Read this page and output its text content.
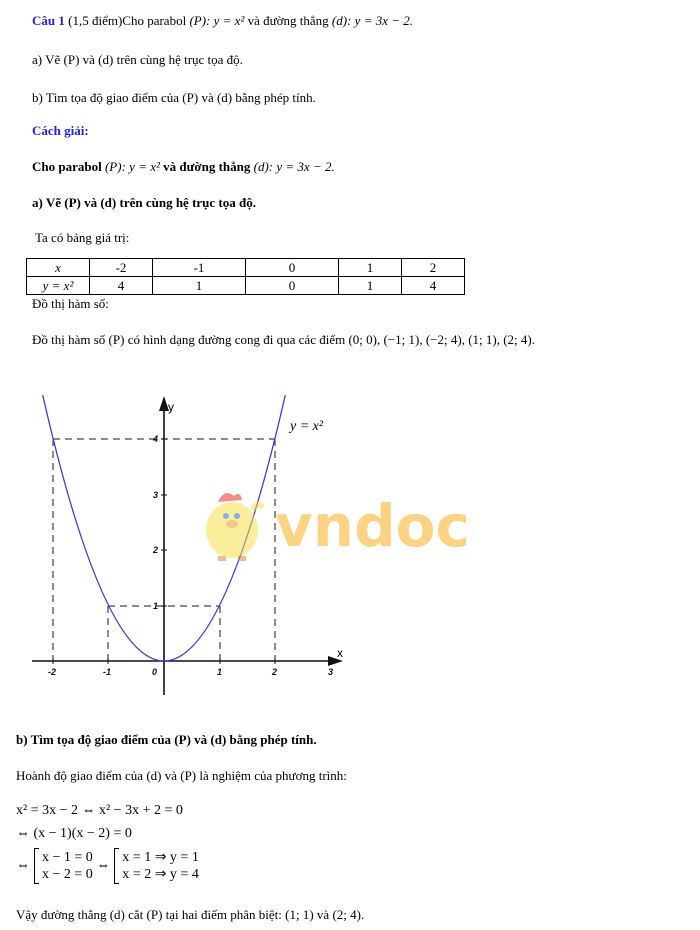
Câu 1 (1,5 điểm)Cho parabol (P): y = x² và đường thẳng (d): y = 3x − 2.
a) Vẽ (P) và (d) trên cùng hệ trục tọa độ.
b) Tìm tọa độ giao điểm của (P) và (d) bằng phép tính.
Cách giải:
Cho parabol (P): y = x² và đường thẳng (d): y = 3x − 2.
a) Vẽ (P) và (d) trên cùng hệ trục tọa độ.
Ta có bảng giá trị:
x	-2	-1	0	1	2
y = x²	4	1	0	1	4
Đồ thị hàm số:
Đồ thị hàm số (P) có hình dạng đường cong đi qua các điểm (0; 0), (−1; 1), (−2; 4), (1; 1), (2; 4).
y
x
-2	-1	0	1	2	3
1
2
3
4
y = x²
vndoc
b) Tìm tọa độ giao điểm của (P) và (d) bằng phép tính.
Hoành độ giao điểm của (d) và (P) là nghiệm của phương trình:
x² = 3x − 2 ⇔ x² − 3x + 2 = 0
⇔ (x − 1)(x − 2) = 0
⇔  x − 1 = 0
x − 2 = 0 ⇔  x = 1 ⇒ y = 1
x = 2 ⇒ y = 4
Vậy đường thẳng (d) cắt (P) tại hai điểm phân biệt: (1; 1) và (2; 4).
